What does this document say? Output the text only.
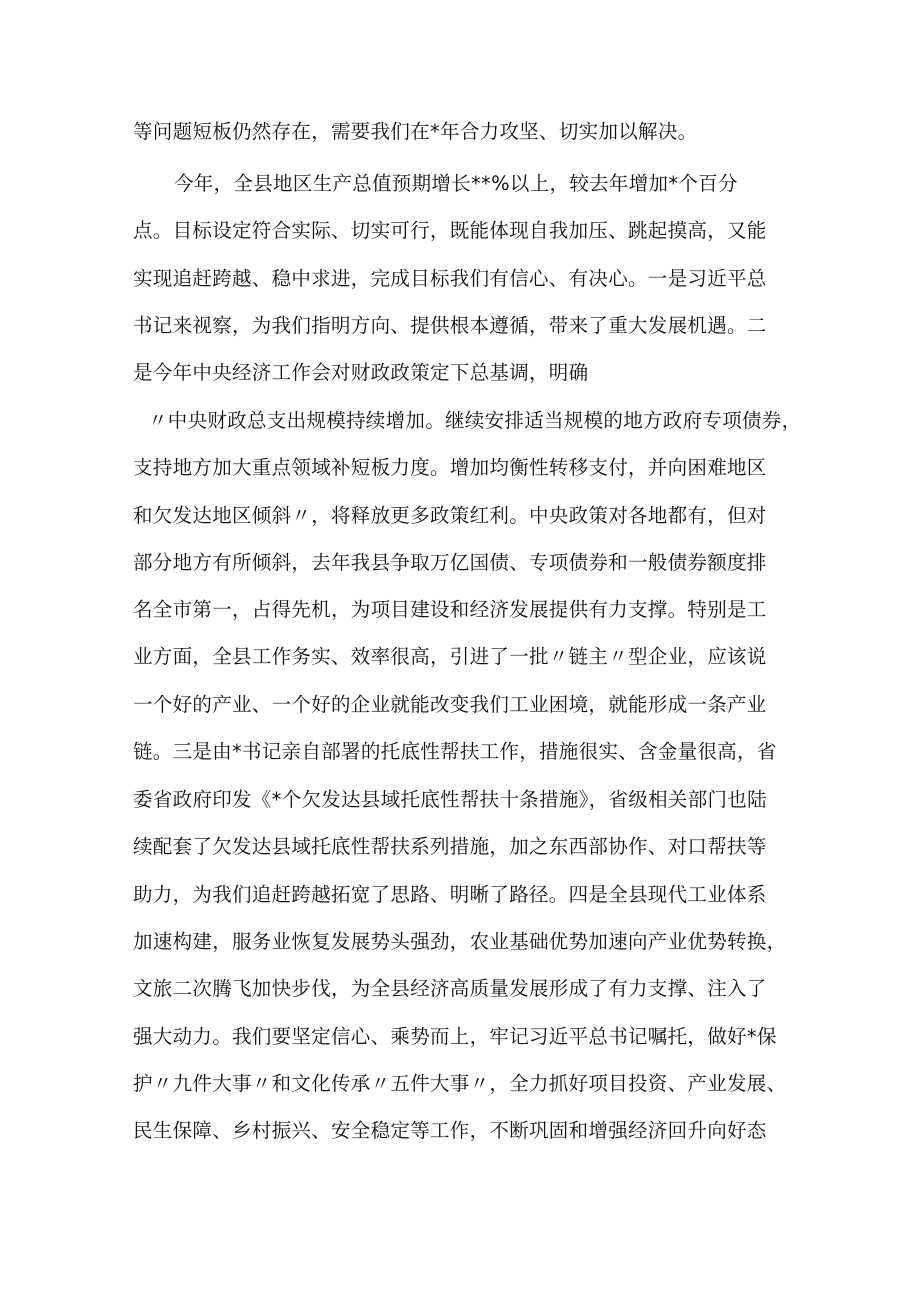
等问题短板仍然存在，需要我们在*年合力攻坚、切实加以解决。
今年，全县地区生产总值预期增长**%以上，较去年增加*个百分
点。目标设定符合实际、切实可行，既能体现自我加压、跳起摸高，又能
实现追赶跨越、稳中求进，完成目标我们有信心、有决心。一是习近平总
书记来视察，为我们指明方向、提供根本遵循，带来了重大发展机遇。二
是今年中央经济工作会对财政政策定下总基调，明确
〃中央财政总支出规模持续增加。继续安排适当规模的地方政府专项债券，
支持地方加大重点领域补短板力度。增加均衡性转移支付，并向困难地区
和欠发达地区倾斜〃，将释放更多政策红利。中央政策对各地都有，但对
部分地方有所倾斜，去年我县争取万亿国债、专项债券和一般债券额度排
名全市第一，占得先机，为项目建设和经济发展提供有力支撑。特别是工
业方面，全县工作务实、效率很高，引进了一批〃链主〃型企业，应该说
一个好的产业、一个好的企业就能改变我们工业困境，就能形成一条产业
链。三是由*书记亲自部署的托底性帮扶工作，措施很实、含金量很高，省
委省政府印发《*个欠发达县域托底性帮扶十条措施》，省级相关部门也陆
续配套了欠发达县域托底性帮扶系列措施，加之东西部协作、对口帮扶等
助力，为我们追赶跨越拓宽了思路、明晰了路径。四是全县现代工业体系
加速构建，服务业恢复发展势头强劲，农业基础优势加速向产业优势转换，
文旅二次腾飞加快步伐，为全县经济高质量发展形成了有力支撑、注入了
强大动力。我们要坚定信心、乘势而上，牢记习近平总书记嘱托，做好*保
护〃九件大事〃和文化传承〃五件大事〃，全力抓好项目投资、产业发展、
民生保障、乡村振兴、安全稳定等工作，不断巩固和增强经济回升向好态
